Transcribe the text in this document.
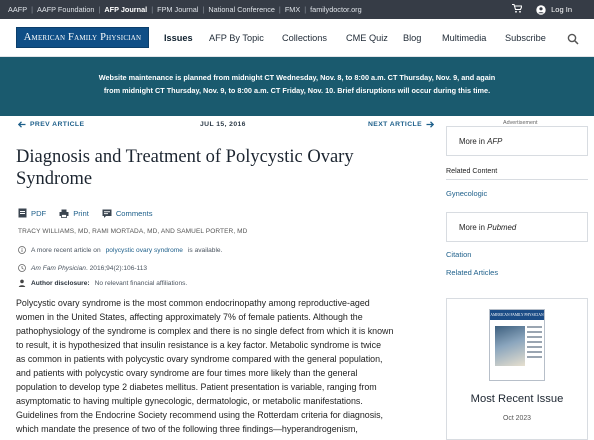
AAFP | AAFP Foundation | AFP Journal | FPM Journal | National Conference | FMX | familydoctor.org	Log In
American Family Physician Issues AFP By Topic Collections CME Quiz Blog Multimedia Subscribe
Website maintenance is planned from midnight CT Wednesday, Nov. 8, to 8:00 a.m. CT Thursday, Nov. 9, and again
from midnight CT Thursday, Nov. 9, to 8:00 a.m. CT Friday, Nov. 10. Brief disruptions will occur during this time.
PREV ARTICLE	JUL 15, 2016	NEXT ARTICLE
Diagnosis and Treatment of Polycystic Ovary Syndrome
PDF	Print	Comments
TRACY WILLIAMS, MD, RAMI MORTADA, MD, AND SAMUEL PORTER, MD
A more recent article on polycystic ovary syndrome is available.
Am Fam Physician . 2016;94(2):106-113
Author disclosure: No relevant financial affiliations.
Polycystic ovary syndrome is the most common endocrinopathy among reproductive-aged
women in the United States, affecting approximately 7% of female patients. Although the
pathophysiology of the syndrome is complex and there is no single defect from which it is known
to result, it is hypothesized that insulin resistance is a key factor. Metabolic syndrome is twice
as common in patients with polycystic ovary syndrome compared with the general population,
and patients with polycystic ovary syndrome are four times more likely than the general
population to develop type 2 diabetes mellitus. Patient presentation is variable, ranging from
asymptomatic to having multiple gynecologic, dermatologic, or metabolic manifestations.
Guidelines from the Endocrine Society recommend using the Rotterdam criteria for diagnosis,
which mandate the presence of two of the following three findings—hyperandrogenism,
Advertisement
More in
AFP
Related Content
Gynecologic
More in
Pubmed
Citation
Related Articles
AMERICAN FAMILY PHYSICIAN
Most Recent Issue
Oct 2023
